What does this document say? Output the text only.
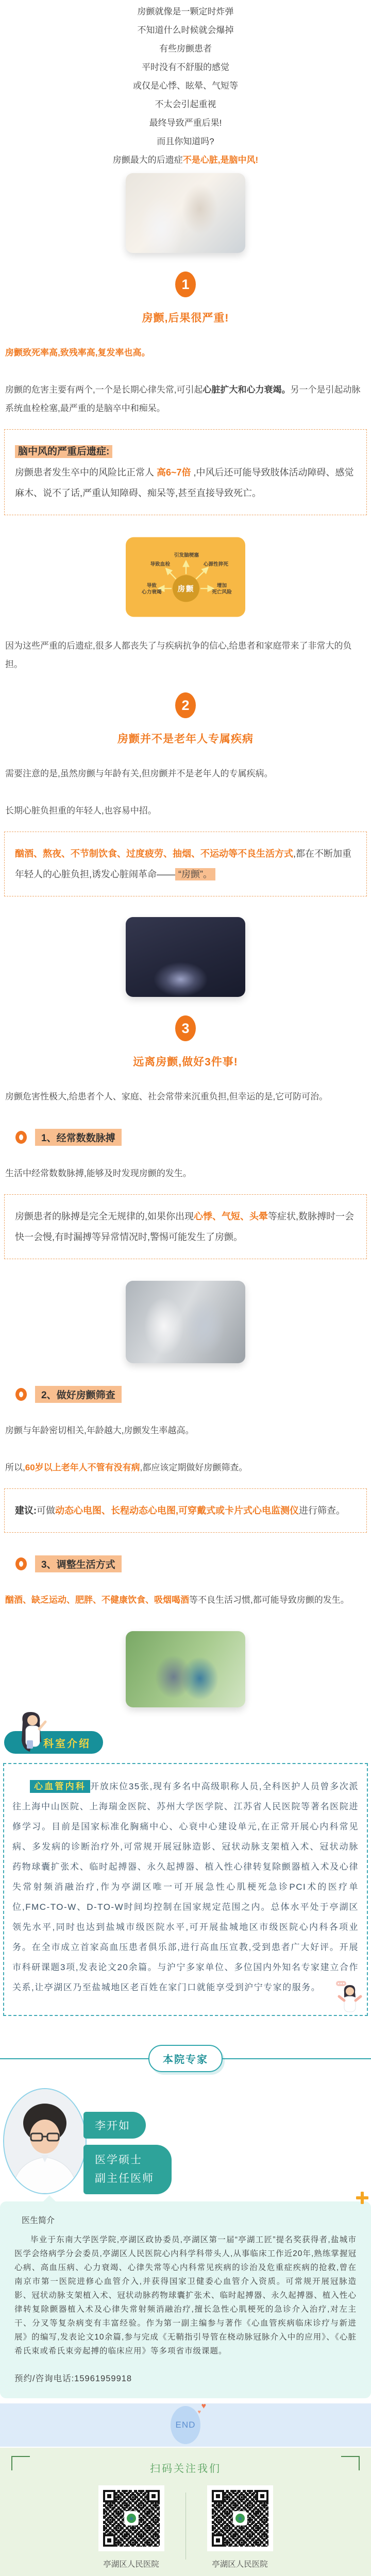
房颤就像是一颗定时炸弹

不知道什么时候就会爆掉

有些房颤患者

平时没有不舒服的感觉

或仅是心悸、眩晕、气短等

不太会引起重视

最终导致严重后果!

而且你知道吗?

房颤最大的后遗症不是心脏,是脑中风!

1
房颤,后果很严重!

房颤致死率高,致残率高,复发率也高。

房颤的危害主要有两个,一个是长期心律失常,可引起心脏扩大和心力衰竭。另一个是引起动脉系统血栓栓塞,最严重的是脑卒中和痴呆。

脑中风的严重后遗症:
房颤患者发生卒中的风险比正常人 高6~7倍 ,中风后还可能导致肢体活动障碍、感觉麻木、说不了话,严重认知障碍、痴呆等,甚至直接导致死亡。
房颤
引发脑梗塞
导致血栓	心源性猝死
导致
心力衰竭
增加
死亡风险

因为这些严重的后遗症,很多人都丧失了与疾病抗争的信心,给患者和家庭带来了非常大的负担。

2
房颤并不是老年人专属疾病

需要注意的是,虽然房颤与年龄有关,但房颤并不是老年人的专属疾病。

长期心脏负担重的年轻人,也容易中招。

酗酒、熬夜、不节制饮食、过度疲劳、抽烟、不运动等不良生活方式,都在不断加重年轻人的心脏负担,诱发心脏闹革命—— “房颤”。
3
远离房颤,做好3件事!

房颤危害性极大,给患者个人、家庭、社会常带来沉重负担,但幸运的是,它可防可治。

1、经常数数脉搏

生活中经常数数脉搏,能够及时发现房颤的发生。

房颤患者的脉搏是完全无规律的,如果你出现心悸、气短、头晕等症状,数脉搏时一会快一会慢,有时漏搏等异常情况时,警惕可能发生了房颤。
2、做好房颤筛查

房颤与年龄密切相关,年龄越大,房颤发生率越高。

所以,60岁以上老年人不管有没有病,都应该定期做好房颤筛查。

建议:可做动态心电图、长程动态心电图,可穿戴式或卡片式心电监测仪进行筛查。
3、调整生活方式

酗酒、缺乏运动、肥胖、不健康饮食、吸烟喝酒等不良生活习惯,都可能导致房颤的发生。

科室介绍

心血管内科 开放床位35张,现有多名中高级职称人员,全科医护人员曾多次派往上海中山医院、上海瑞金医院、苏州大学医学院、江苏省人民医院等著名医院进修学习。目前是国家标准化胸痛中心、心衰中心建设单元,在正常开展心内科常见病、多发病的诊断治疗外,可常规开展冠脉造影、冠状动脉支架植入术、冠状动脉药物球囊扩张术、临时起搏器、永久起搏器、植入性心律转复除颤器植入术及心律失常射频消融治疗,作为亭湖区唯一可开展急性心肌梗死急诊PCI术的医疗单位,FMC-TO-W、D-TO-W时间均控制在国家规定范围之内。总体水平处于亭湖区领先水平,同时也达到盐城市级医院水平,可开展盐城地区市级医院心内科各项业务。在全市成立首家高血压患者俱乐部,进行高血压宣教,受到患者广大好评。开展市科研课题3项,发表论文20余篇。与沪宁多家单位、多位国内外知名专家建立合作关系,让亭湖区乃至盐城地区老百姓在家门口就能享受到沪宁专家的服务。

本院专家
李开如
医学硕士
副主任医师

医生简介

毕业于东南大学医学院,亭湖区政协委员,亭湖区第一届“亭湖工匠”提名奖获得者,盐城市医学会络病学分会委员,亭湖区人民医院心内科学科带头人,从事临床工作近20年,熟练掌握冠心病、高血压病、心力衰竭、心律失常等心内科常见疾病的诊治及危重症疾病的抢救,曾在南京市第一医院进修心血管介入,并获得国家卫健委心血管介入资质。可常规开展冠脉造影、冠状动脉支架植入术、冠状动脉药物球囊扩张术、临时起搏器、永久起搏器、植入性心律转复除颤器植入术及心律失常射频消融治疗,擅长急性心肌梗死的急诊介入治疗,对左主干、分叉等复杂病变有丰富经验。作为第一副主编参与著作《心血管疾病临床诊疗与新进展》的编写,发表论文10余篇,参与完成《无鞘指引导管在桡动脉冠脉介入中的应用》、《心脏希氏束或希氏束旁起搏的临床应用》等多项省市级课题。

预约/咨询电话:15961959918

END
♥
♥

扫码关注我们

亭湖区人民医院	亭湖区人民医院
